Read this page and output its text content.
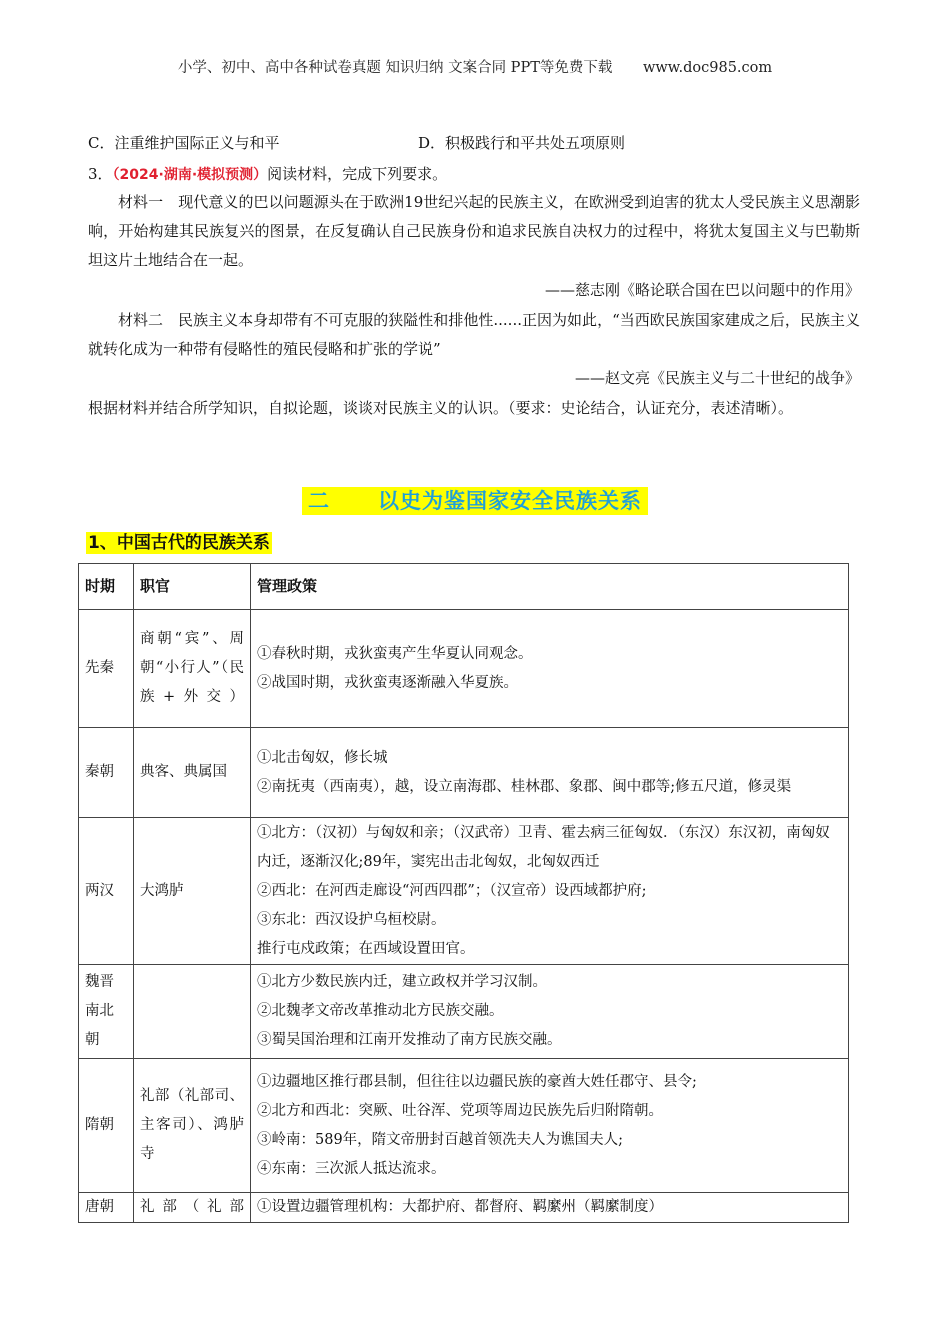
小学、初中、高中各种试卷真题 知识归纳 文案合同 PPT等免费下载 www.doc985.com
C．注重维护国际正义与和平	D．积极践行和平共处五项原则
3．（2024·湖南·模拟预测）阅读材料，完成下列要求。
材料一　现代意义的巴以问题源头在于欧洲19世纪兴起的民族主义，在欧洲受到迫害的犹太人受民族主义思潮影响，开始构建其民族复兴的图景，在反复确认自己民族身份和追求民族自决权力的过程中，将犹太复国主义与巴勒斯坦这片土地结合在一起。
——慈志刚《略论联合国在巴以问题中的作用》
材料二　民族主义本身却带有不可克服的狭隘性和排他性......正因为如此，“当西欧民族国家建成之后，民族主义就转化成为一种带有侵略性的殖民侵略和扩张的学说”
——赵文亮《民族主义与二十世纪的战争》
根据材料并结合所学知识，自拟论题，谈谈对民族主义的认识。（要求：史论结合，认证充分，表述清晰）。
二 以史为鉴国家安全民族关系
1、中国古代的民族关系
时期	职官	管理政策
先秦	商朝“宾”、周朝“小行人”（民族+外交）	①春秋时期，戎狄蛮夷产生华夏认同观念。
②战国时期，戎狄蛮夷逐渐融入华夏族。

秦朝	典客、典属国	①北击匈奴，修长城
②南抚夷（西南夷），越，设立南海郡、桂林郡、象郡、闽中郡等;修五尺道，修灵渠

两汉	大鸿胪	①北方：（汉初）与匈奴和亲；（汉武帝）卫青、霍去病三征匈奴．（东汉）东汉初，南匈奴内迁，逐渐汉化;89年，窦宪出击北匈奴，北匈奴西迁
②西北：在河西走廊设“河西四郡”；（汉宣帝）设西域都护府;
③东北：西汉设护乌桓校尉。
推行屯戍政策；在西域设置田官。

魏晋南北朝		①北方少数民族内迁，建立政权并学习汉制。
②北魏孝文帝改革推动北方民族交融。
③蜀吴国治理和江南开发推动了南方民族交融。

隋朝	礼部（礼部司、主客司）、鸿胪寺	①边疆地区推行郡县制，但往往以边疆民族的豪酋大姓任郡守、县令;
②北方和西北：突厥、吐谷浑、党项等周边民族先后归附隋朝。
③岭南：589年，隋文帝册封百越首领冼夫人为谯国夫人;
④东南：三次派人抵达流求。

唐朝	礼部（礼部	①设置边疆管理机构：大都护府、都督府、羁縻州（羁縻制度）
